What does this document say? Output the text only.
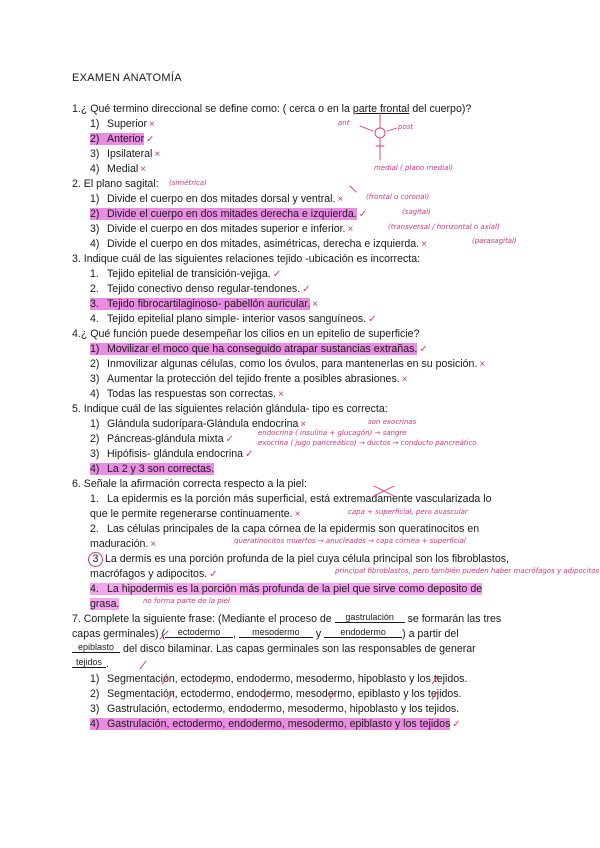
EXAMEN ANATOMÍA
1.¿ Qué termino direccional se define como: ( cerca o en la parte frontal del cuerpo)?
1) Superior ×
2) Anterior ✓
3) Ipsilateral ×
4) Medial ×
ant	post
medial ( plano medial)
2. El plano sagital: (simétrica)
1) Divide el cuerpo en dos mitades dorsal y ventral. ×
2) Divide el cuerpo en dos mitades derecha e izquierda. ✓
3) Divide el cuerpo en dos mitades superior e inferior. ×
4) Divide el cuerpo en dos mitades, asimétricas, derecha e izquierda. ×
(frontal o coronal)
(sagital)
(transversal / horizontal o axial)
(parasagital)
3. Indique cuál de las siguientes relaciones tejido -ubicación es incorrecta:
1. Tejido epitelial de transición-vejiga. ✓
2. Tejido conectivo denso regular-tendones. ✓
3. Tejido fibrocartilaginoso- pabellón auricular. ×
4. Tejido epitelial plano simple- interior vasos sanguíneos. ✓
4.¿ Qué función puede desempeñar los cilios en un epitelio de superficie?
1) Movilizar el moco que ha conseguido atrapar sustancias extrañas. ✓
2) Inmovilizar algunas células, como los óvulos, para mantenerlas en su posición. ×
3) Aumentar la protección del tejido frente a posibles abrasiones. ×
4) Todas las respuestas son correctas. ×
5. Indique cuál de las siguientes relación glándula- tipo es correcta:
1) Glándula sudorípara-Glándula endocrina ×
2) Páncreas-glándula mixta ✓
3) Hipófisis- glándula endocrina ✓
4) La 2 y 3 son correctas.
son exocrinas
endocrina ( insulina + glucagón) → sangre
exocrina ( jugo pancreático) → ductos → conducto pancreático
6. Señale la afirmación correcta respecto a la piel:
1. La epidermis es la porción más superficial, está extremadamente vascularizada lo que le permite regenerarse continuamente. ×
2. Las células principales de la capa córnea de la epidermis son queratinocitos en maduración. ×
3 La dermis es una porción profunda de la piel cuya célula principal son los fibroblastos, macrófagos y adipocitos. ✓
4. La hipodermis es la porción más profunda de la piel que sirve como deposito de grasa.
capa + superficial, pero avascular
queratinocitos muertos → anucleados → capa córnea + superficial
principal fibroblastos, pero también pueden haber macrófagos y adipocitos
no forma parte de la piel
7. Complete la siguiente frase: (Mediante el proceso de gastrulación se formarán las tres
capas germinales) ( ectodermo , mesodermo y endodermo ) a partir del
epiblasto del disco bilaminar. Las capas germinales son las responsables de generar
tejidos .
1) Segmentación, ectodermo, endodermo, mesodermo, hipoblasto y los tejidos.
2) Segmentación, ectodermo, endodermo, mesodermo, epiblasto y los tejidos.
3) Gastrulación, ectodermo, endodermo, mesodermo, hipoblasto y los tejidos.
4) Gastrulación, ectodermo, endodermo, mesodermo, epiblasto y los tejidos ✓
